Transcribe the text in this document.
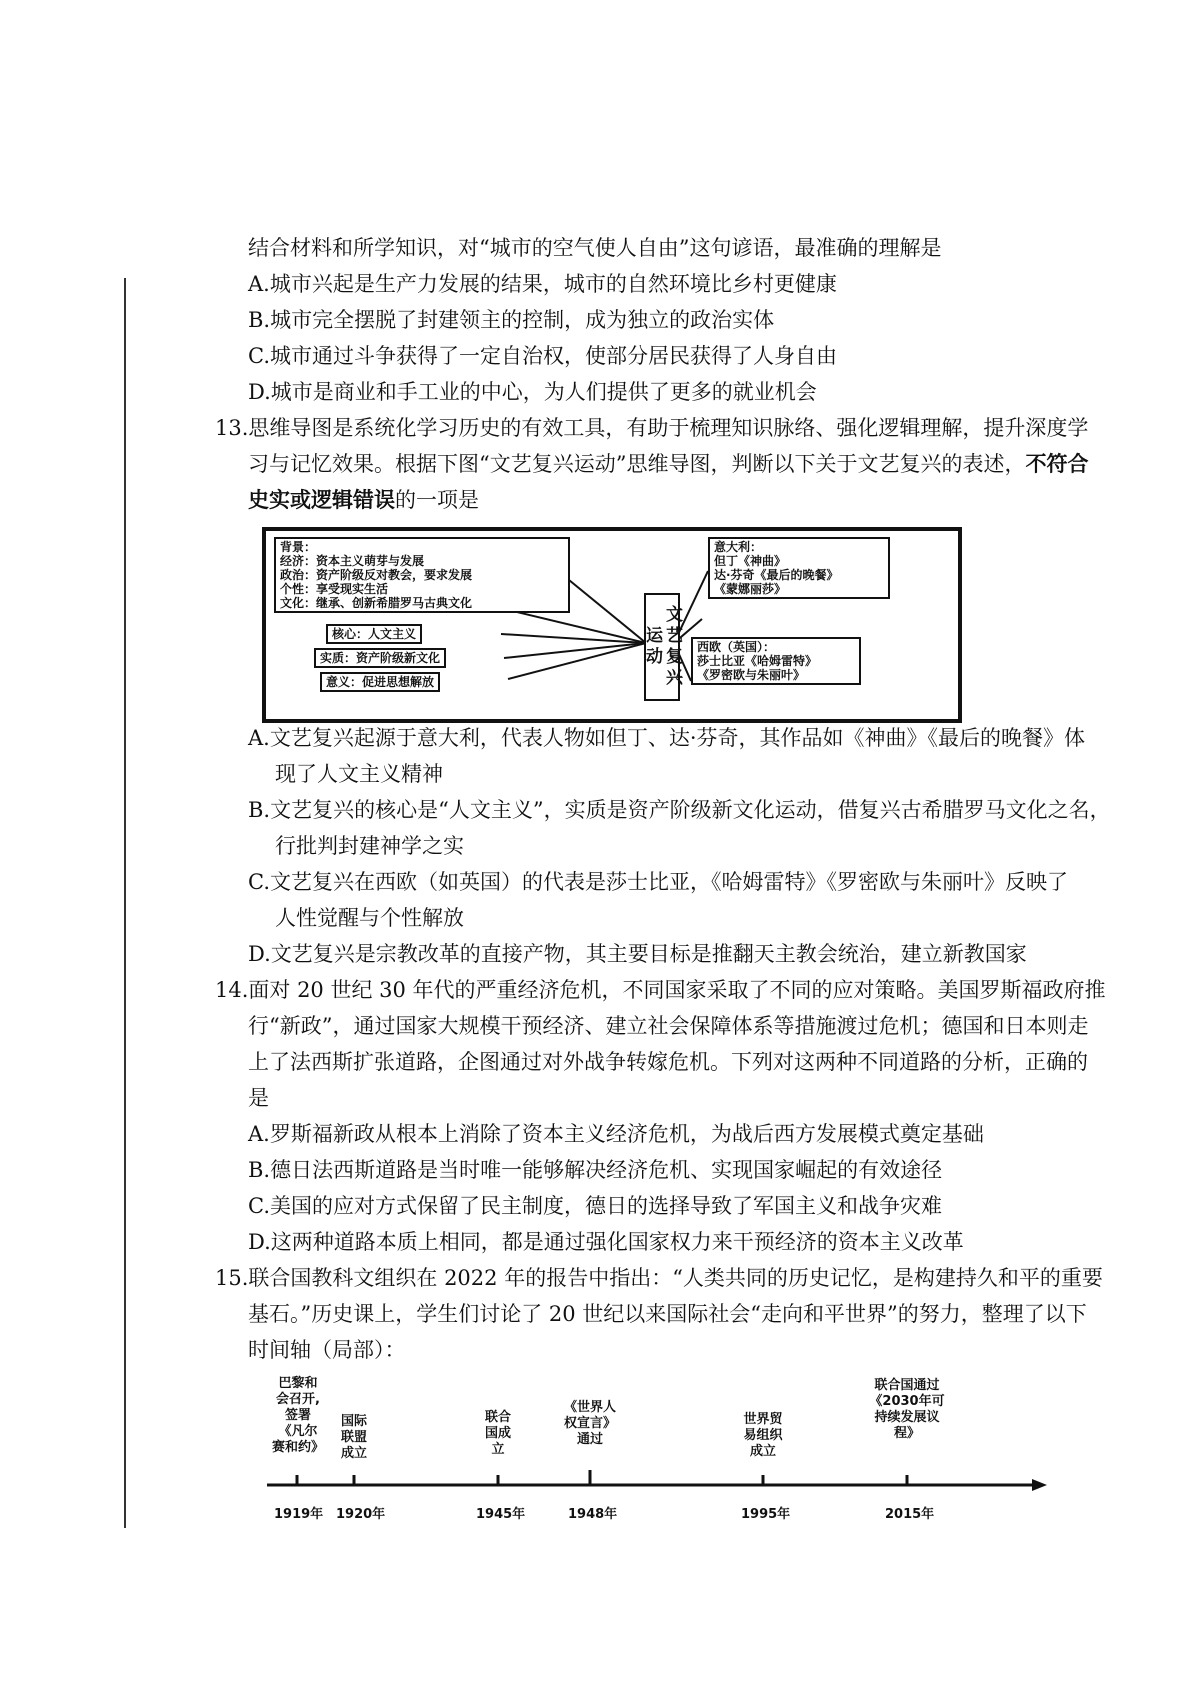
结合材料和所学知识，对“城市的空气使人自由”这句谚语，最准确的理解是
A.城市兴起是生产力发展的结果，城市的自然环境比乡村更健康
B.城市完全摆脱了封建领主的控制，成为独立的政治实体
C.城市通过斗争获得了一定自治权，使部分居民获得了人身自由
D.城市是商业和手工业的中心，为人们提供了更多的就业机会
13.思维导图是系统化学习历史的有效工具，有助于梳理知识脉络、强化逻辑理解，提升深度学
习与记忆效果。根据下图“文艺复兴运动”思维导图，判断以下关于文艺复兴的表述，不符合
史实或逻辑错误的一项是
背景：
经济：资本主义萌芽与发展
政治：资产阶级反对教会，要求发展
个性：享受现实生活
文化：继承、创新希腊罗马古典文化
核心：人文主义
实质：资产阶级新文化
意义：促进思想解放	文艺复兴运动
意大利：
但丁《神曲》
达·芬奇《最后的晚餐》
《蒙娜丽莎》
西欧（英国）：
莎士比亚《哈姆雷特》
《罗密欧与朱丽叶》
A.文艺复兴起源于意大利，代表人物如但丁、达·芬奇，其作品如《神曲》《最后的晚餐》体
现了人文主义精神
B.文艺复兴的核心是“人文主义”，实质是资产阶级新文化运动，借复兴古希腊罗马文化之名，
行批判封建神学之实
C.文艺复兴在西欧（如英国）的代表是莎士比亚，《哈姆雷特》《罗密欧与朱丽叶》反映了
人性觉醒与个性解放
D.文艺复兴是宗教改革的直接产物，其主要目标是推翻天主教会统治，建立新教国家
14.面对 20 世纪 30 年代的严重经济危机，不同国家采取了不同的应对策略。美国罗斯福政府推
行“新政”，通过国家大规模干预经济、建立社会保障体系等措施渡过危机；德国和日本则走
上了法西斯扩张道路，企图通过对外战争转嫁危机。下列对这两种不同道路的分析，正确的
是
A.罗斯福新政从根本上消除了资本主义经济危机，为战后西方发展模式奠定基础
B.德日法西斯道路是当时唯一能够解决经济危机、实现国家崛起的有效途径
C.美国的应对方式保留了民主制度，德日的选择导致了军国主义和战争灾难
D.这两种道路本质上相同，都是通过强化国家权力来干预经济的资本主义改革
15.联合国教科文组织在 2022 年的报告中指出：“人类共同的历史记忆，是构建持久和平的重要
基石。”历史课上，学生们讨论了 20 世纪以来国际社会“走向和平世界”的努力，整理了以下
时间轴（局部）：
巴黎和
会召开,
签署
《凡尔
赛和约》
国际
联盟
成立
联合
国成
立
《世界人
权宣言》
通过
世界贸
易组织
成立
联合国通过
《2030年可
持续发展议
程》
1919年 1920年	1945年	1948年	1995年	2015年
